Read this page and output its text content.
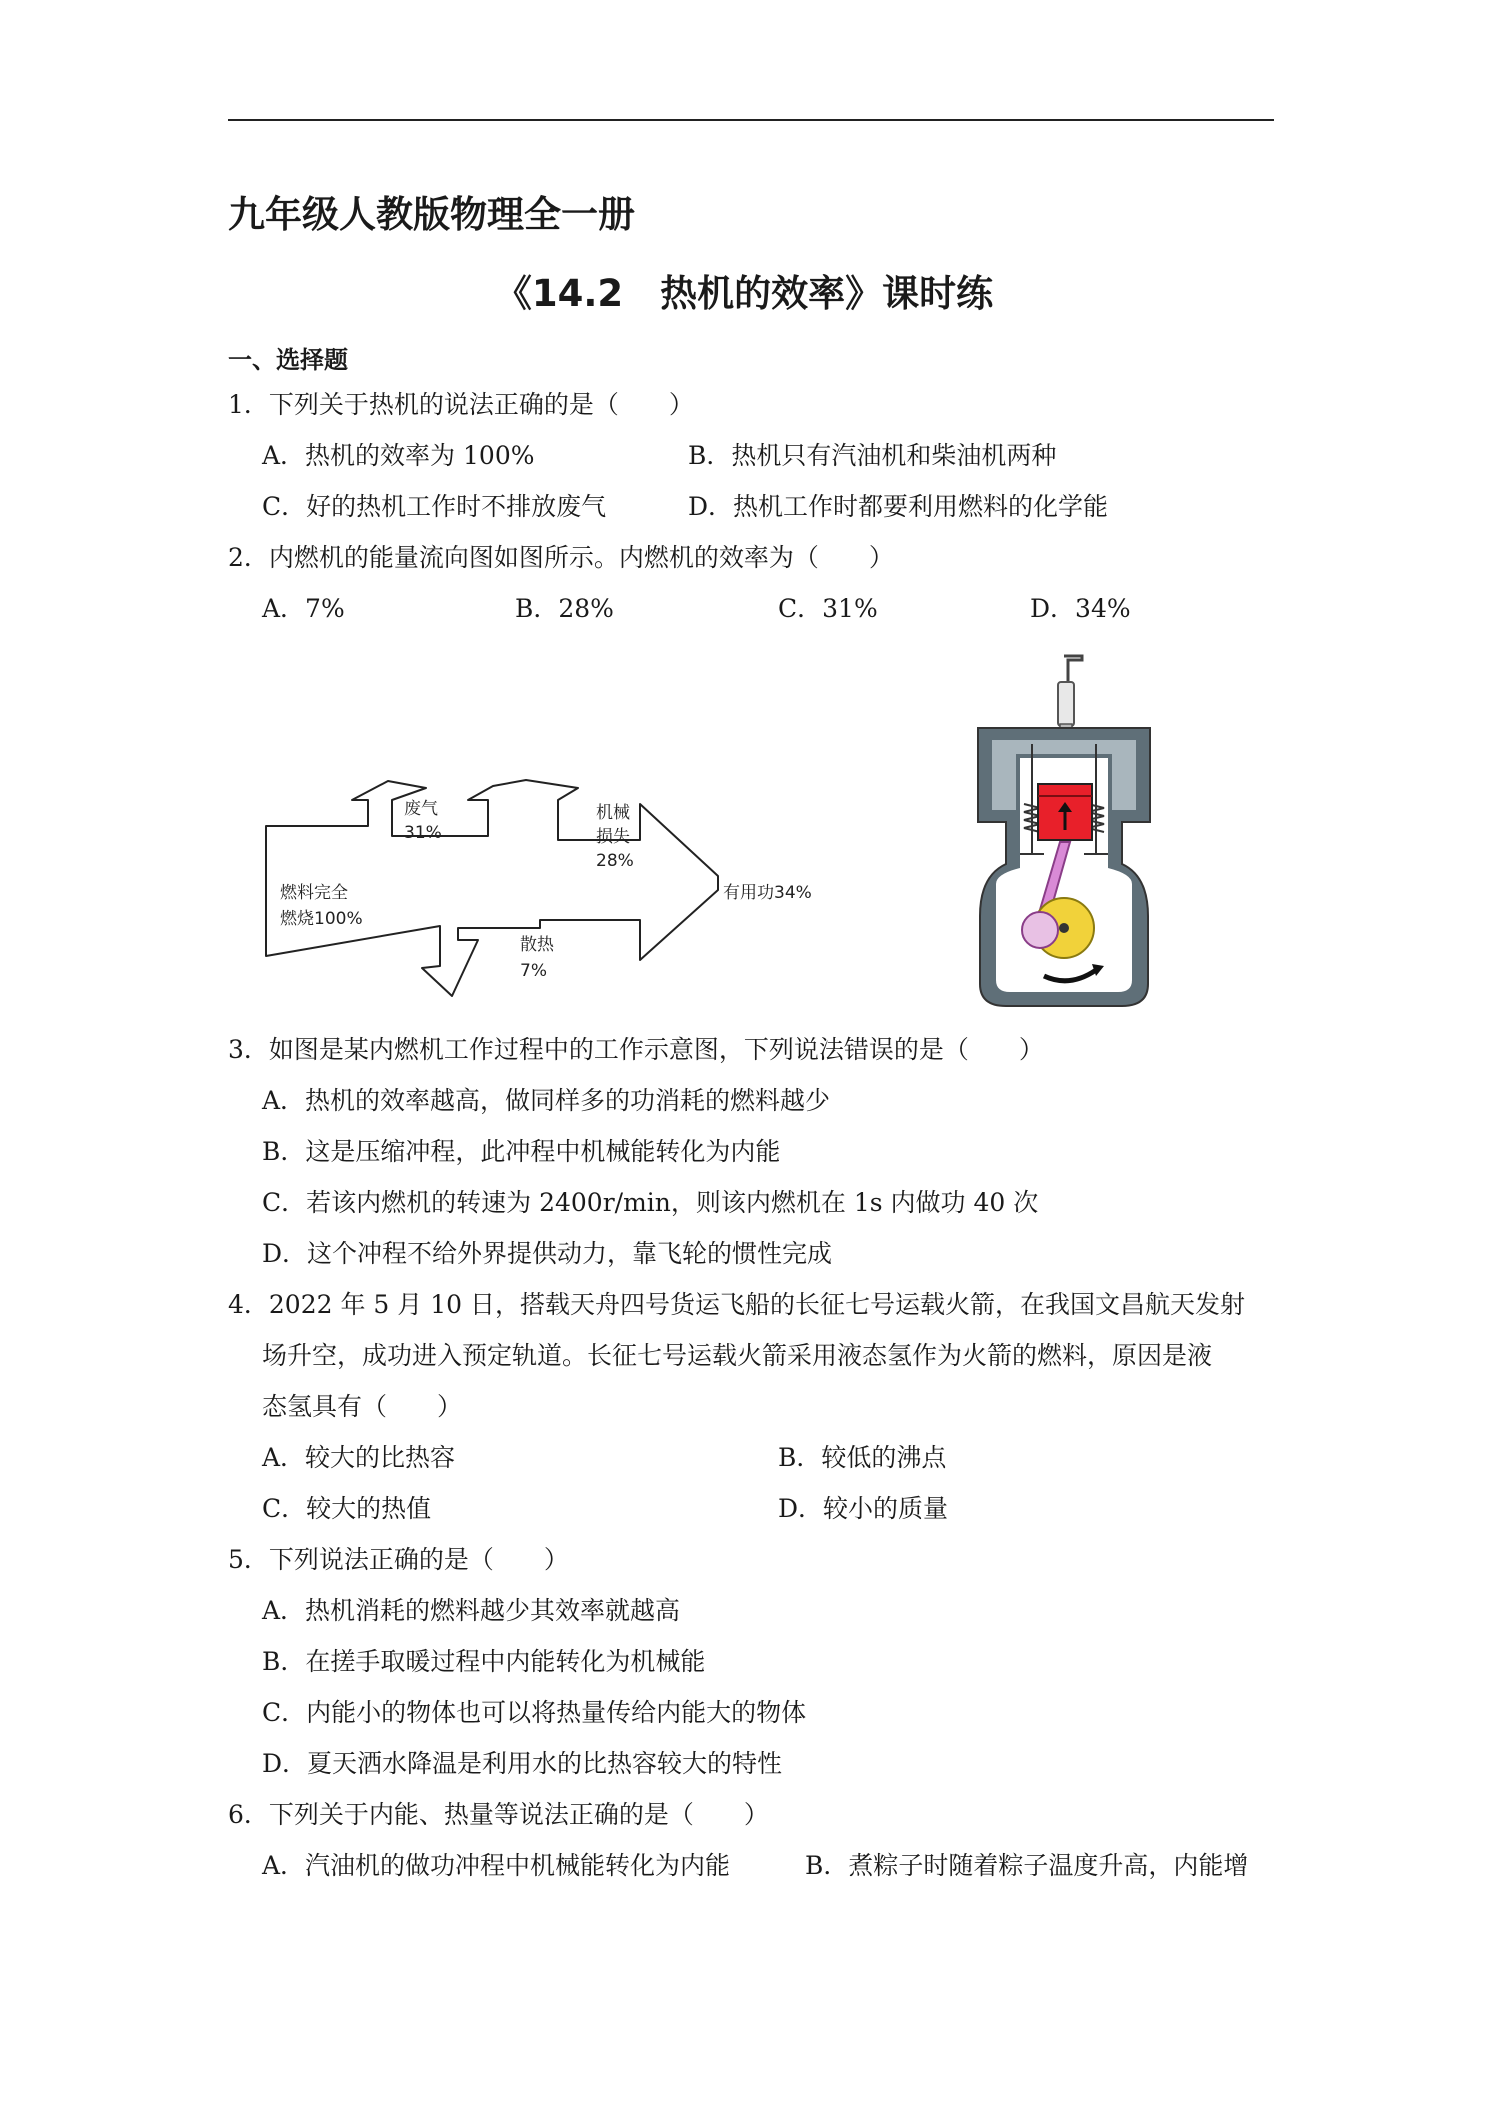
九年级人教版物理全一册
《14.2　热机的效率》课时练
一、选择题
1．下列关于热机的说法正确的是（　　）
A．热机的效率为 100%	B．热机只有汽油机和柴油机两种
C．好的热机工作时不排放废气	D．热机工作时都要利用燃料的化学能
2．内燃机的能量流向图如图所示。内燃机的效率为（　　）
A．7%	B．28%	C．31%	D．34%
燃料完全
燃烧100%
废气
31%
机械
损失
28%
有用功34%
散热
7%
3．如图是某内燃机工作过程中的工作示意图，下列说法错误的是（　　）
A．热机的效率越高，做同样多的功消耗的燃料越少
B．这是压缩冲程，此冲程中机械能转化为内能
C．若该内燃机的转速为 2400r/min，则该内燃机在 1s 内做功 40 次
D．这个冲程不给外界提供动力，靠飞轮的惯性完成
4．2022 年 5 月 10 日，搭载天舟四号货运飞船的长征七号运载火箭，在我国文昌航天发射
场升空，成功进入预定轨道。长征七号运载火箭采用液态氢作为火箭的燃料，原因是液
态氢具有（　　）
A．较大的比热容	B．较低的沸点
C．较大的热值	D．较小的质量
5．下列说法正确的是（　　）
A．热机消耗的燃料越少其效率就越高
B．在搓手取暖过程中内能转化为机械能
C．内能小的物体也可以将热量传给内能大的物体
D．夏天洒水降温是利用水的比热容较大的特性
6．下列关于内能、热量等说法正确的是（　　）
A．汽油机的做功冲程中机械能转化为内能	B．煮粽子时随着粽子温度升高，内能增
